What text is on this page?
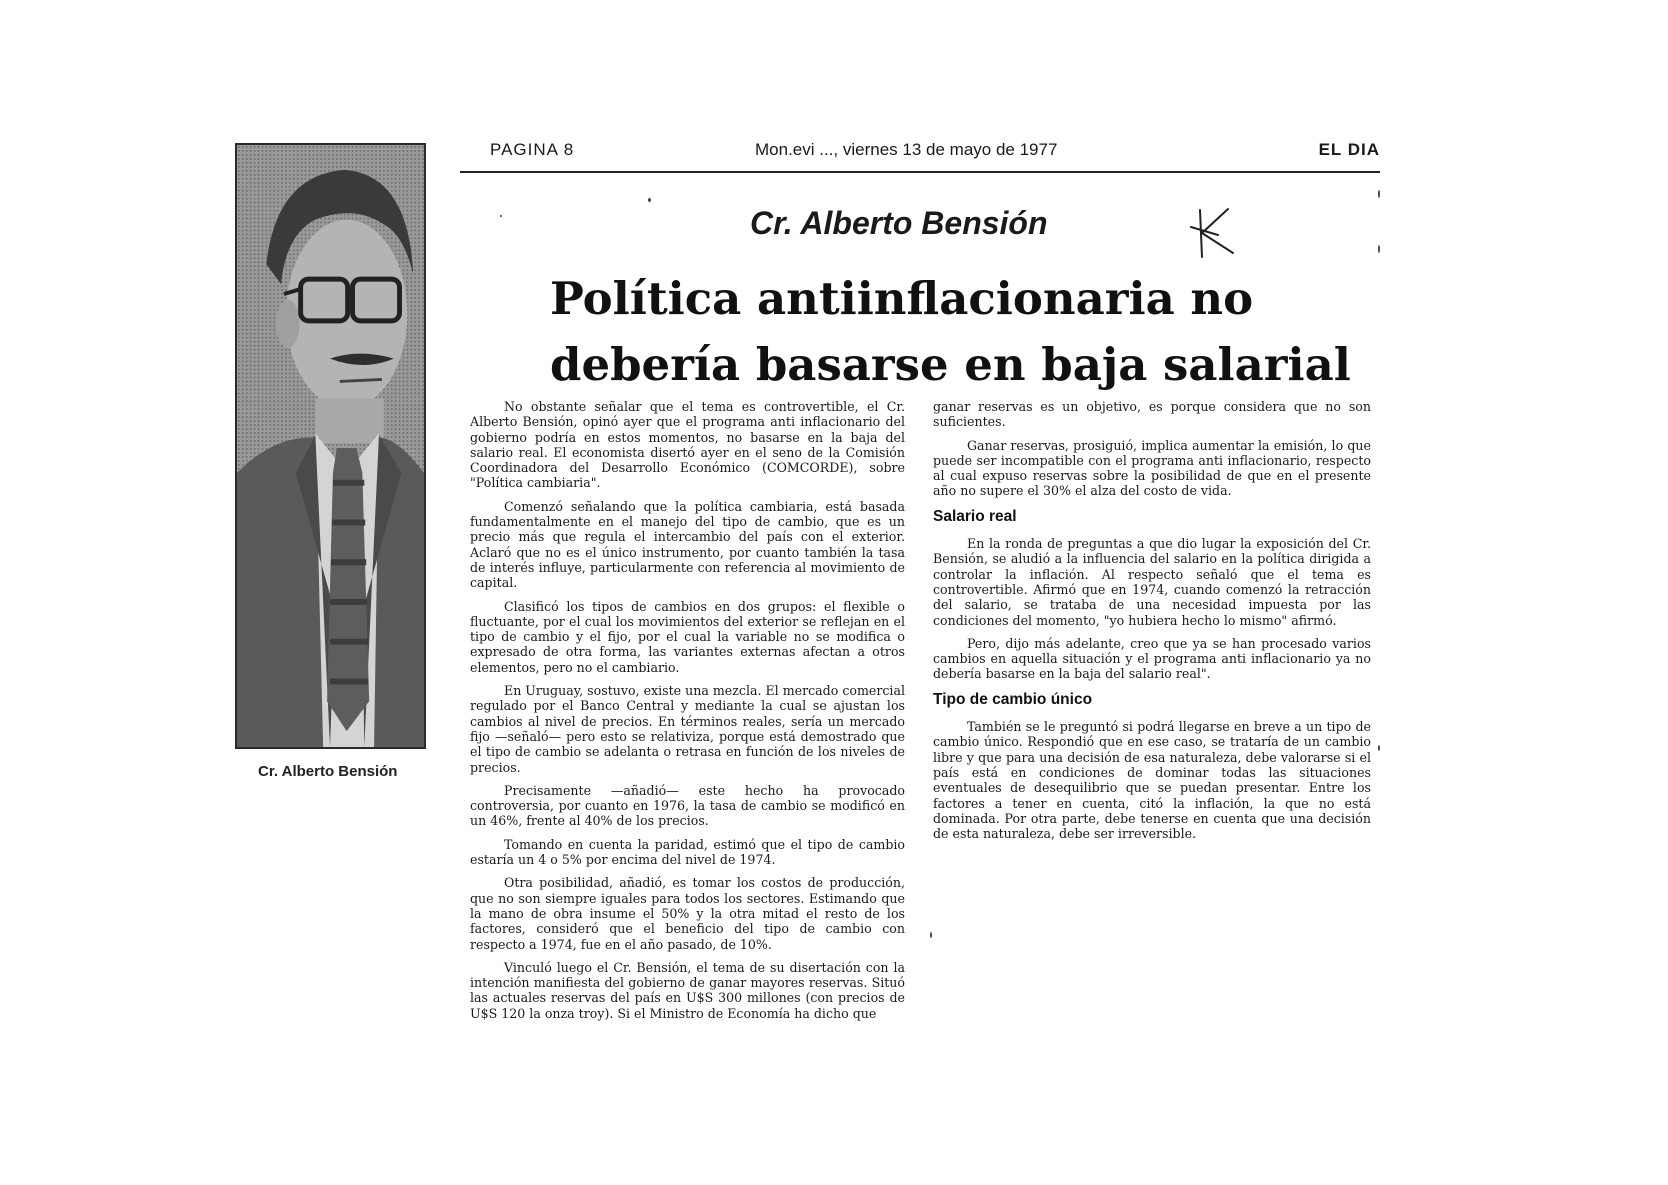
Cr. Alberto Bensión
PAGINA 8	Mon.evi ..., viernes 13 de mayo de 1977	EL DIA
Cr. Alberto Bensión
Política antiinflacionaria no
debería basarse en baja salarial

No obstante señalar que el tema es controvertible, el Cr. Alberto Bensión, opinó ayer que el programa anti inflacionario del gobierno podría en estos momentos, no basarse en la baja del salario real. El economista disertó ayer en el seno de la Comisión Coordinadora del Desarrollo Económico (COMCORDE), sobre "Política cambiaria".

Comenzó señalando que la política cambiaria, está basada fundamentalmente en el manejo del tipo de cambio, que es un precio más que regula el intercambio del país con el exterior. Aclaró que no es el único instrumento, por cuanto también la tasa de interés influye, particularmente con referencia al movimiento de capital.

Clasificó los tipos de cambios en dos grupos: el flexible o fluctuante, por el cual los movimientos del exterior se reflejan en el tipo de cambio y el fijo, por el cual la variable no se modifica o expresado de otra forma, las variantes externas afectan a otros elementos, pero no el cambiario.

En Uruguay, sostuvo, existe una mezcla. El mercado comercial regulado por el Banco Central y mediante la cual se ajustan los cambios al nivel de precios. En términos reales, sería un mercado fijo —señaló— pero esto se relativiza, porque está demostrado que el tipo de cambio se adelanta o retrasa en función de los niveles de precios.

Precisamente —añadió— este hecho ha provocado controversia, por cuanto en 1976, la tasa de cambio se modificó en un 46%, frente al 40% de los precios.

Tomando en cuenta la paridad, estimó que el tipo de cambio estaría un 4 o 5% por encima del nivel de 1974.

Otra posibilidad, añadió, es tomar los costos de producción, que no son siempre iguales para todos los sectores. Estimando que la mano de obra insume el 50% y la otra mitad el resto de los factores, consideró que el beneficio del tipo de cambio con respecto a 1974, fue en el año pasado, de 10%.

Vinculó luego el Cr. Bensión, el tema de su disertación con la intención manifiesta del gobierno de ganar mayores reservas. Situó las actuales reservas del país en U$S 300 millones (con precios de U$S 120 la onza troy). Si el Ministro de Economía ha dicho que

ganar reservas es un objetivo, es porque considera que no son suficientes.

Ganar reservas, prosiguió, implica aumentar la emisión, lo que puede ser incompatible con el programa anti inflacionario, respecto al cual expuso reservas sobre la posibilidad de que en el presente año no supere el 30% el alza del costo de vida.

Salario real

En la ronda de preguntas a que dio lugar la exposición del Cr. Bensión, se aludió a la influencia del salario en la política dirigida a controlar la inflación. Al respecto señaló que el tema es controvertible. Afirmó que en 1974, cuando comenzó la retracción del salario, se trataba de una necesidad impuesta por las condiciones del momento, "yo hubiera hecho lo mismo" afirmó.

Pero, dijo más adelante, creo que ya se han procesado varios cambios en aquella situación y el programa anti inflacionario ya no debería basarse en la baja del salario real".

Tipo de cambio único

También se le preguntó si podrá llegarse en breve a un tipo de cambio único. Respondió que en ese caso, se trataría de un cambio libre y que para una decisión de esa naturaleza, debe valorarse si el país está en condiciones de dominar todas las situaciones eventuales de desequilibrio que se puedan presentar. Entre los factores a tener en cuenta, citó la inflación, la que no está dominada. Por otra parte, debe tenerse en cuenta que una decisión de esta naturaleza, debe ser irreversible.
